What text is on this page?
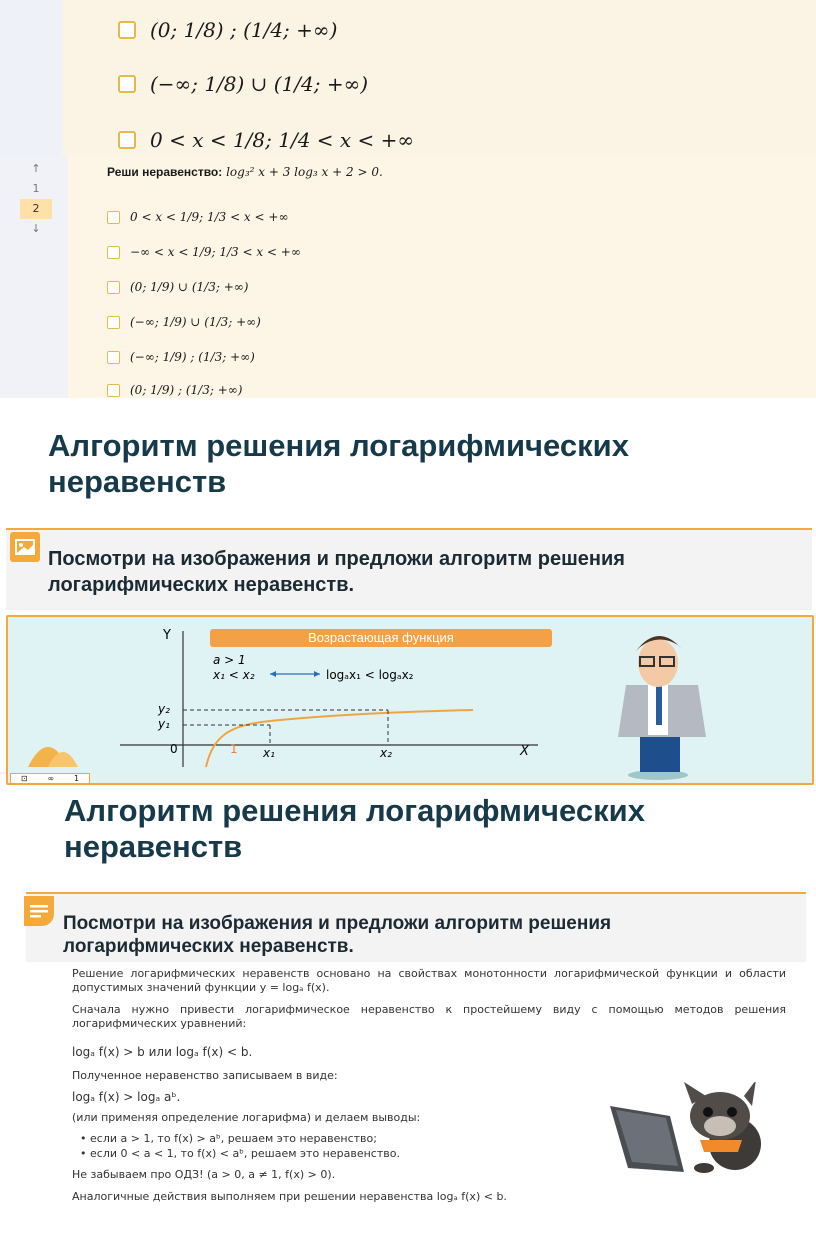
(0; 1/8) ; (1/4; +∞)
(−∞; 1/8) ∪ (1/4; +∞)
0 < x < 1/8; 1/4 < x < +∞
↑
1
2
↓
Реши неравенство: log₃² x + 3 log₃ x + 2 > 0.
0 < x < 1/9; 1/3 < x < +∞
−∞ < x < 1/9; 1/3 < x < +∞
(0; 1/9) ∪ (1/3; +∞)
(−∞; 1/9) ∪ (1/3; +∞)
(−∞; 1/9) ; (1/3; +∞)
(0; 1/9) ; (1/3; +∞)
Алгоритм решения логарифмических неравенств
Посмотри на изображения и предложи алгоритм решения логарифмических неравенств.
Возрастающая функция
Y
X
a > 1
x₁ < x₂	logₐx₁ < logₐx₂
y₂
y₁
0	1 x₁	x₂
⊡ ∞ 1
Алгоритм решения логарифмических неравенств
Посмотри на изображения и предложи алгоритм решения логарифмических неравенств.
Решение логарифмических неравенств основано на свойствах монотонности логарифмической функции и области допустимых значений функции y = logₐ f(x).
Сначала нужно привести логарифмическое неравенство к простейшему виду с помощью методов решения логарифмических уравнений:
logₐ f(x) > b или logₐ f(x) < b.
Полученное неравенство записываем в виде:
logₐ f(x) > logₐ aᵇ.
(или применяя определение логарифма) и делаем выводы:
• если a > 1, то f(x) > aᵇ, решаем это неравенство;
• если 0 < a < 1, то f(x) < aᵇ, решаем это неравенство.
Не забываем про ОДЗ! (a > 0, a ≠ 1, f(x) > 0).
Аналогичные действия выполняем при решении неравенства logₐ f(x) < b.
